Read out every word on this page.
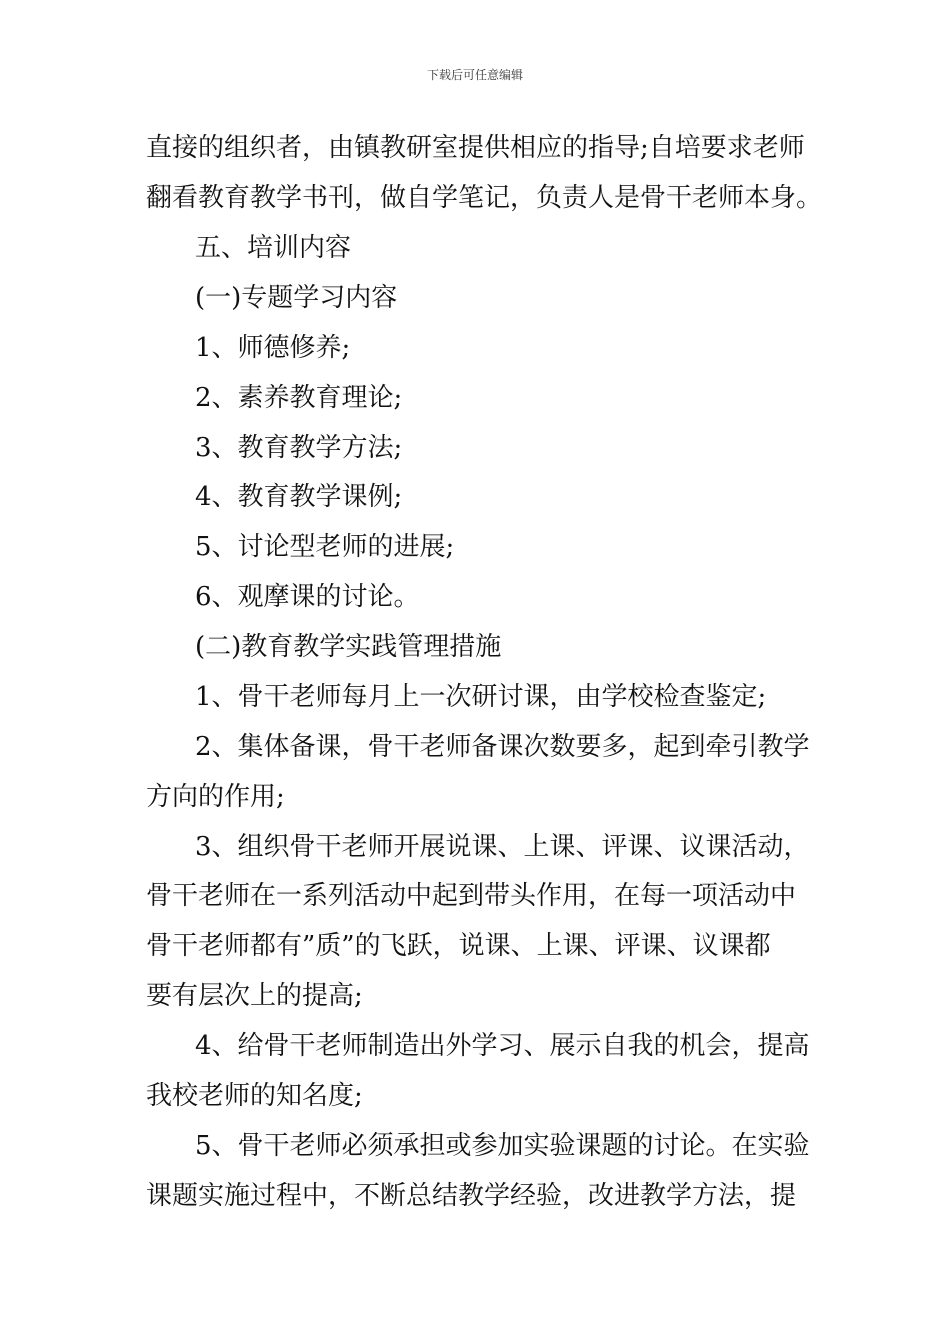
下载后可任意编辑
直接的组织者，由镇教研室提供相应的指导;自培要求老师
翻看教育教学书刊，做自学笔记，负责人是骨干老师本身。
五、培训内容
(一)专题学习内容
1、师德修养;
2、素养教育理论;
3、教育教学方法;
4、教育教学课例;
5、讨论型老师的进展;
6、观摩课的讨论。
(二)教育教学实践管理措施
1、骨干老师每月上一次研讨课，由学校检查鉴定;
2、集体备课，骨干老师备课次数要多，起到牵引教学
方向的作用;
3、组织骨干老师开展说课、上课、评课、议课活动，
骨干老师在一系列活动中起到带头作用，在每一项活动中
骨干老师都有”质”的飞跃，说课、上课、评课、议课都
要有层次上的提高;
4、给骨干老师制造出外学习、展示自我的机会，提高
我校老师的知名度;
5、骨干老师必须承担或参加实验课题的讨论。在实验
课题实施过程中，不断总结教学经验，改进教学方法，提
